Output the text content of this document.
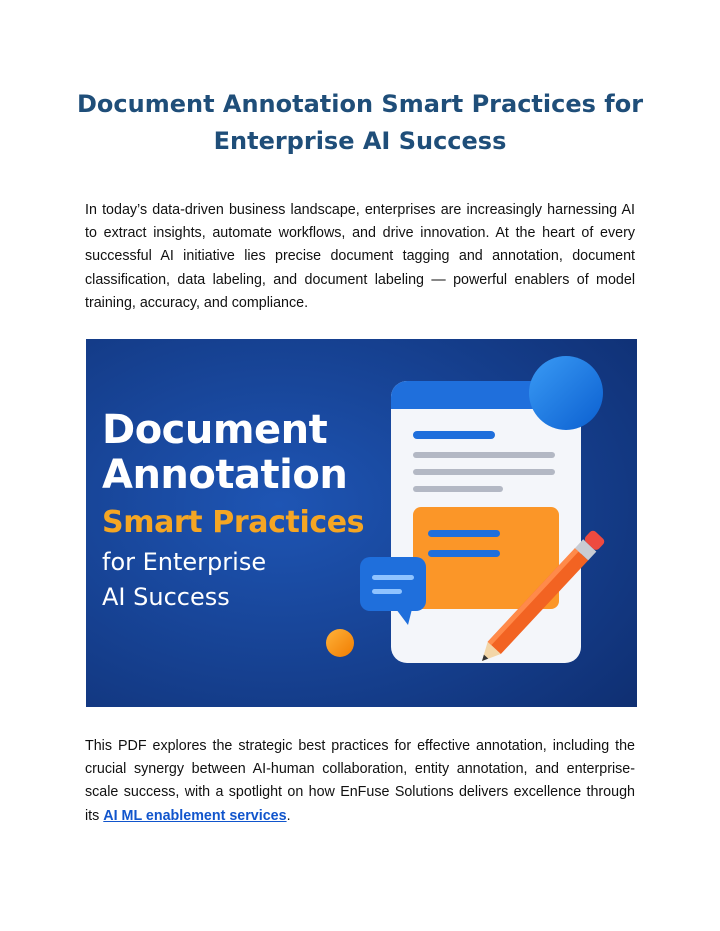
Document Annotation Smart Practices for
Enterprise AI Success

In today’s data-driven business landscape, enterprises are increasingly harnessing AI to extract insights, automate workflows, and drive innovation. At the heart of every successful AI initiative lies precise document tagging and annotation, document classification, data labeling, and document labeling — powerful enablers of model training, accuracy, and compliance.

Document
Annotation
Smart Practices
for Enterprise
AI Success

This PDF explores the strategic best practices for effective annotation, including the crucial synergy between AI-human collaboration, entity annotation, and enterprise-scale success, with a spotlight on how EnFuse Solutions delivers excellence through its AI ML enablement services.
